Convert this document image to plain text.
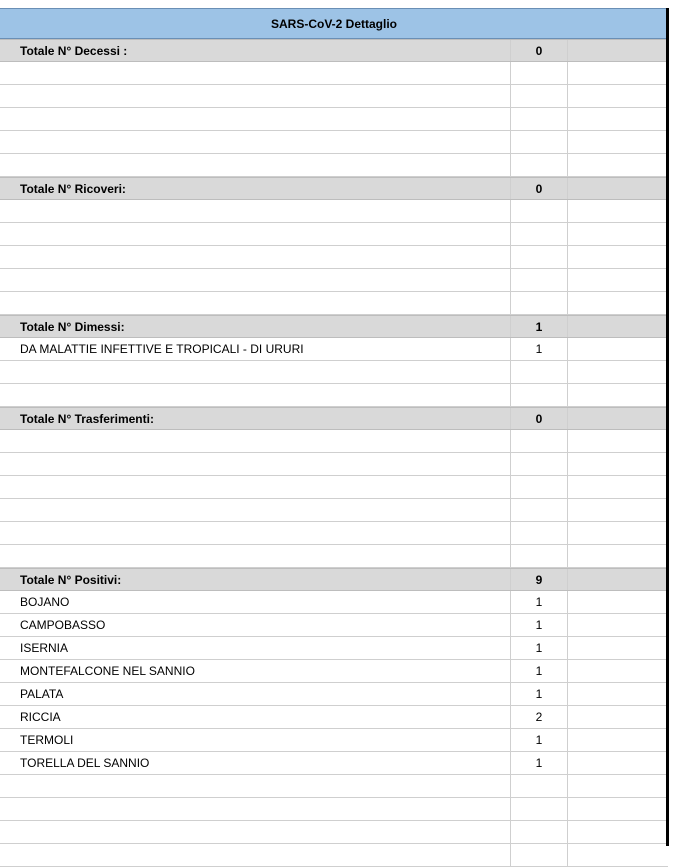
SARS-CoV-2 Dettaglio
Totale N° Decessi :	0
Totale N° Ricoveri:	0
Totale N° Dimessi:	1
DA MALATTIE INFETTIVE E TROPICALI - DI URURI	1
Totale N° Trasferimenti:	0
Totale N° Positivi:	9
BOJANO	1
CAMPOBASSO	1
ISERNIA	1
MONTEFALCONE NEL SANNIO	1
PALATA	1
RICCIA	2
TERMOLI	1
TORELLA DEL SANNIO	1
